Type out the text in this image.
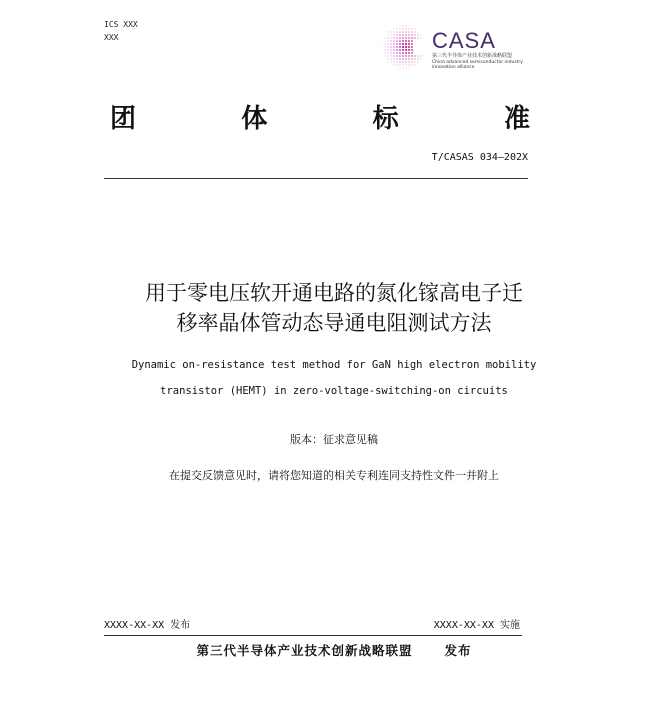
ICS XXX
XXX	CASA
第三代半导体产业技术创新战略联盟
China advanced semiconductor industry
innovation alliance
团	体	标	准
T/CASAS 034—202X
用于零电压软开通电路的氮化镓高电子迁
移率晶体管动态导通电阻测试方法
Dynamic on-resistance test method for GaN high electron mobility
transistor (HEMT) in zero-voltage-switching-on circuits
版本：征求意见稿
在提交反馈意见时，请将您知道的相关专利连同支持性文件一并附上
XXXX-XX-XX 发布	XXXX-XX-XX 实施
第三代半导体产业技术创新战略联盟      发布
